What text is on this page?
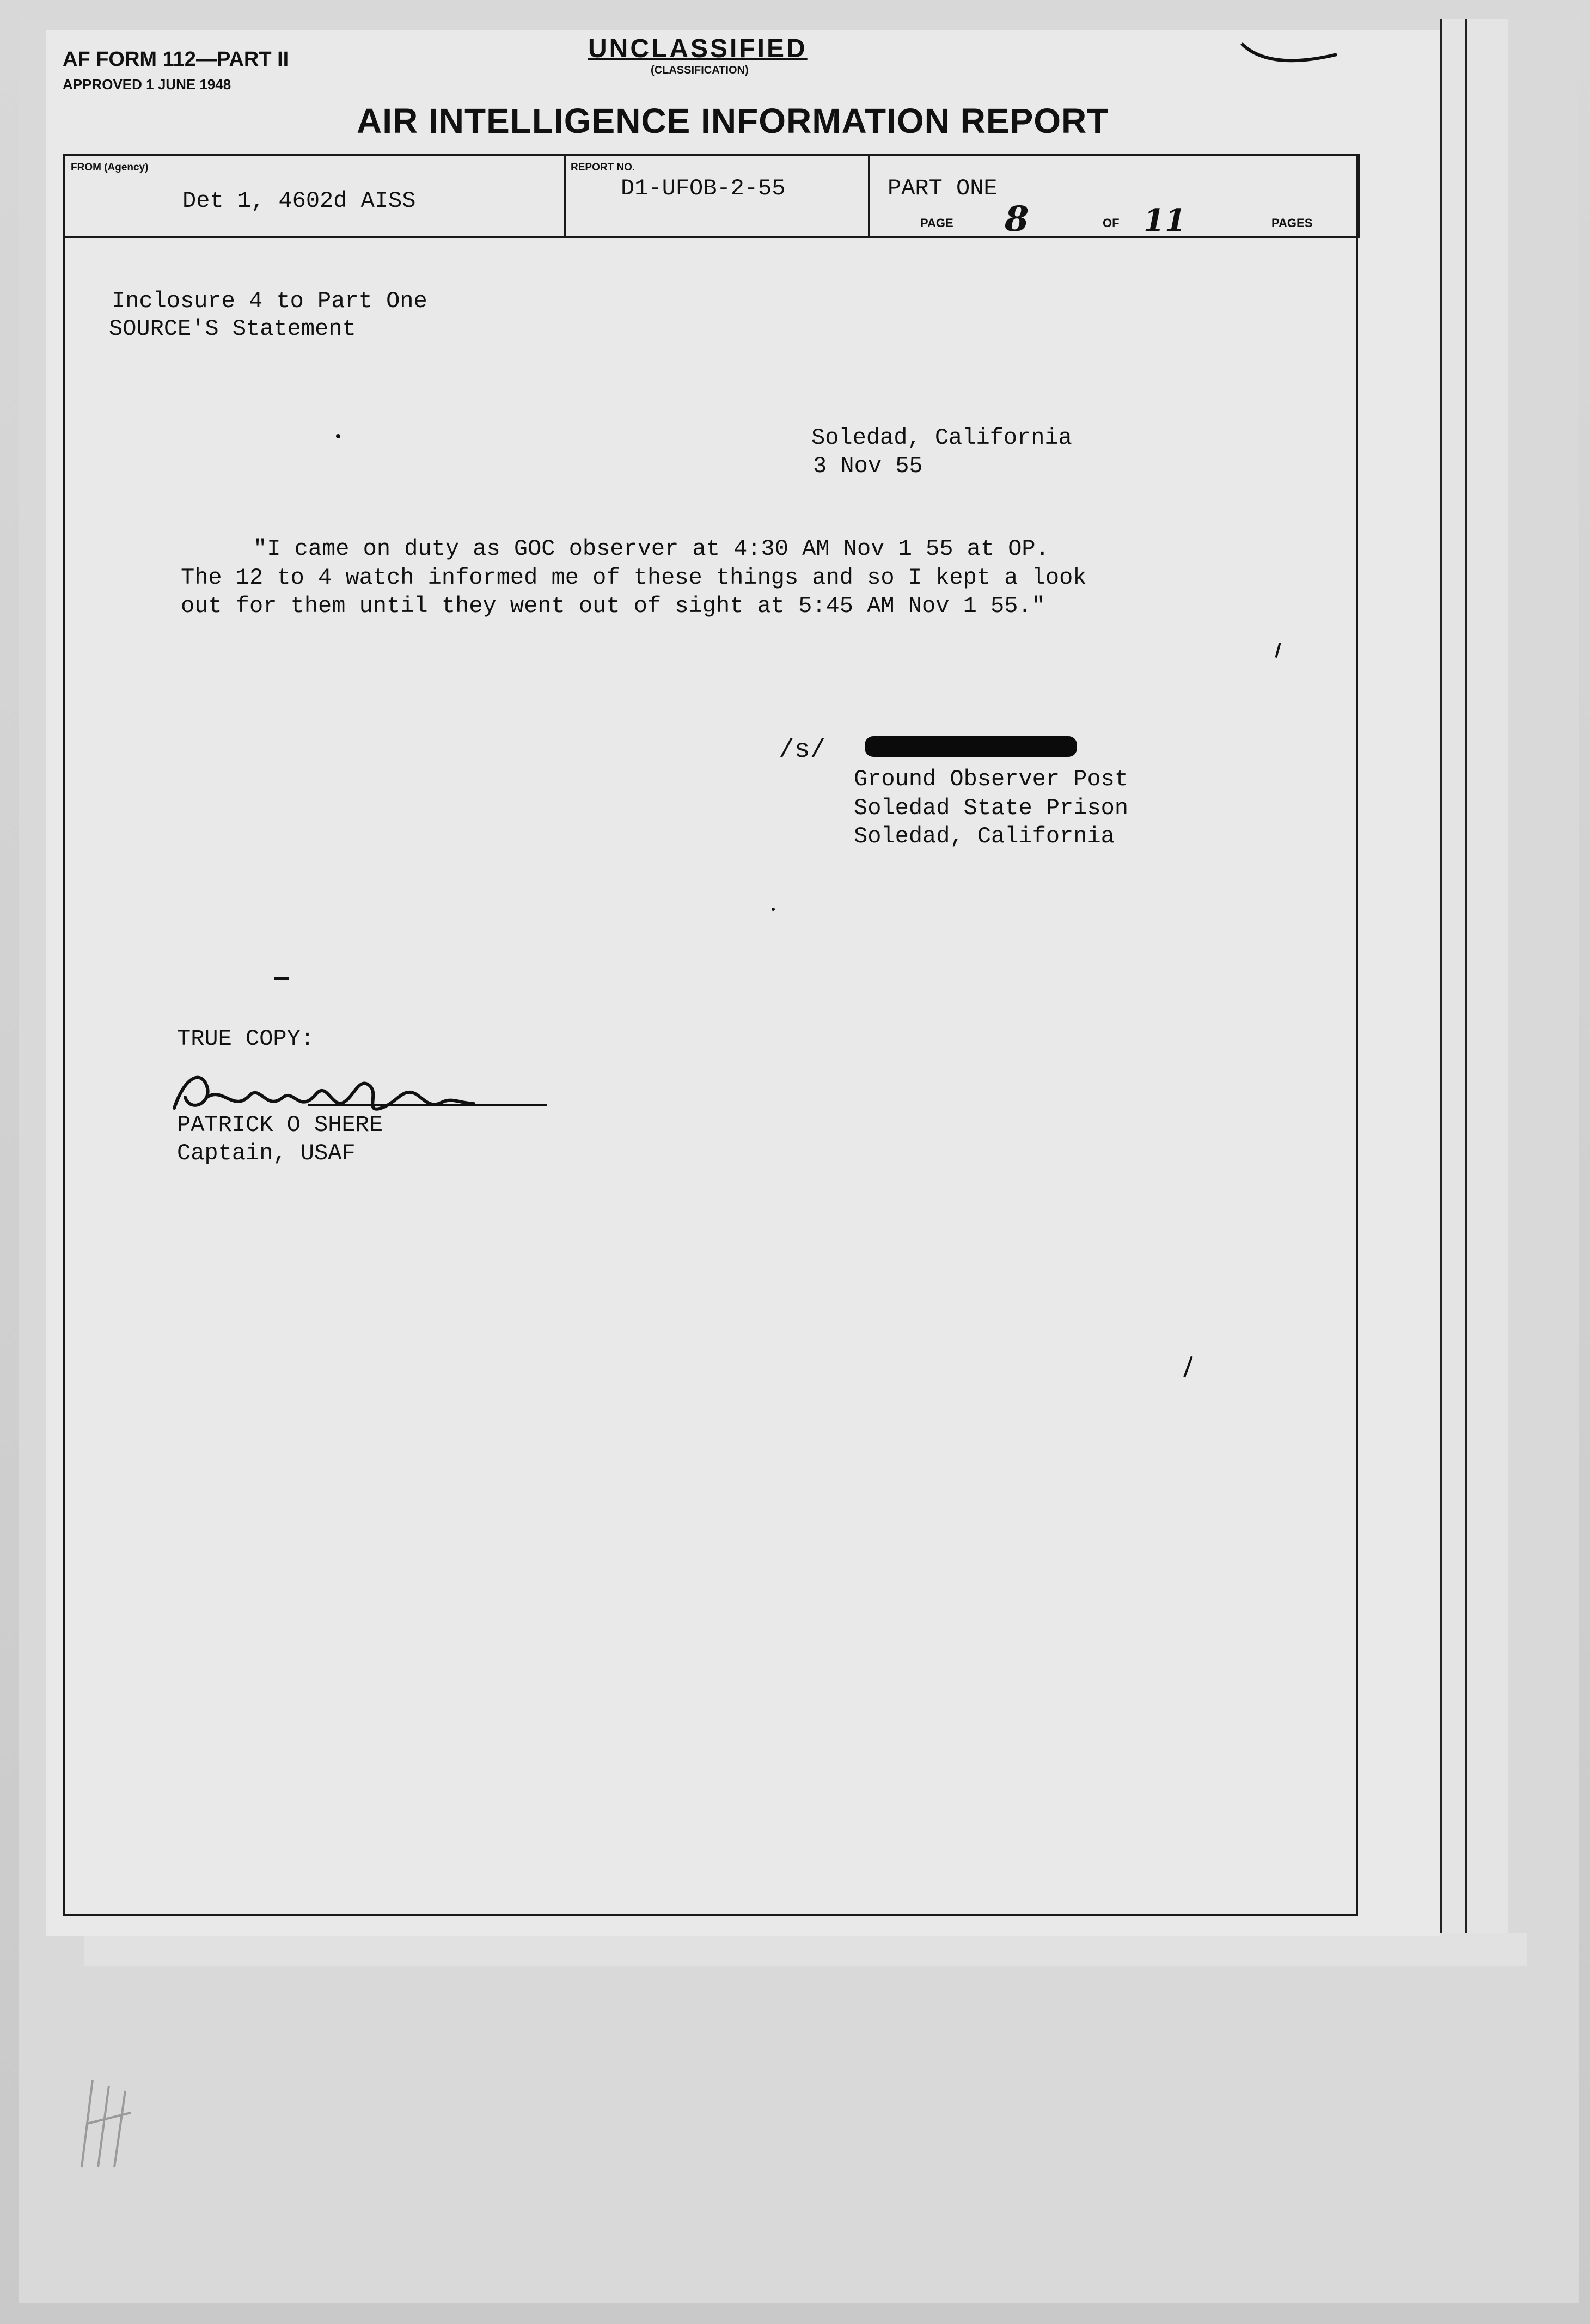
AF FORM 112—PART II
APPROVED 1 JUNE 1948
UNCLASSIFIED
(CLASSIFICATION)
AIR INTELLIGENCE INFORMATION REPORT
FROM (Agency)
Det 1, 4602d AISS
REPORT NO.
D1-UFOB-2-55	PART ONE
PAGE 8	OF 11	PAGES
Inclosure 4 to Part One
SOURCE'S Statement
Soledad, California
3 Nov 55
"I came on duty as GOC observer at 4:30 AM Nov 1 55 at OP.
The 12 to 4 watch informed me of these things and so I kept a look
out for them until they went out of sight at 5:45 AM Nov 1 55."
/s/
Ground Observer Post
Soledad State Prison
Soledad, California
TRUE COPY:
PATRICK O SHERE
Captain, USAF
